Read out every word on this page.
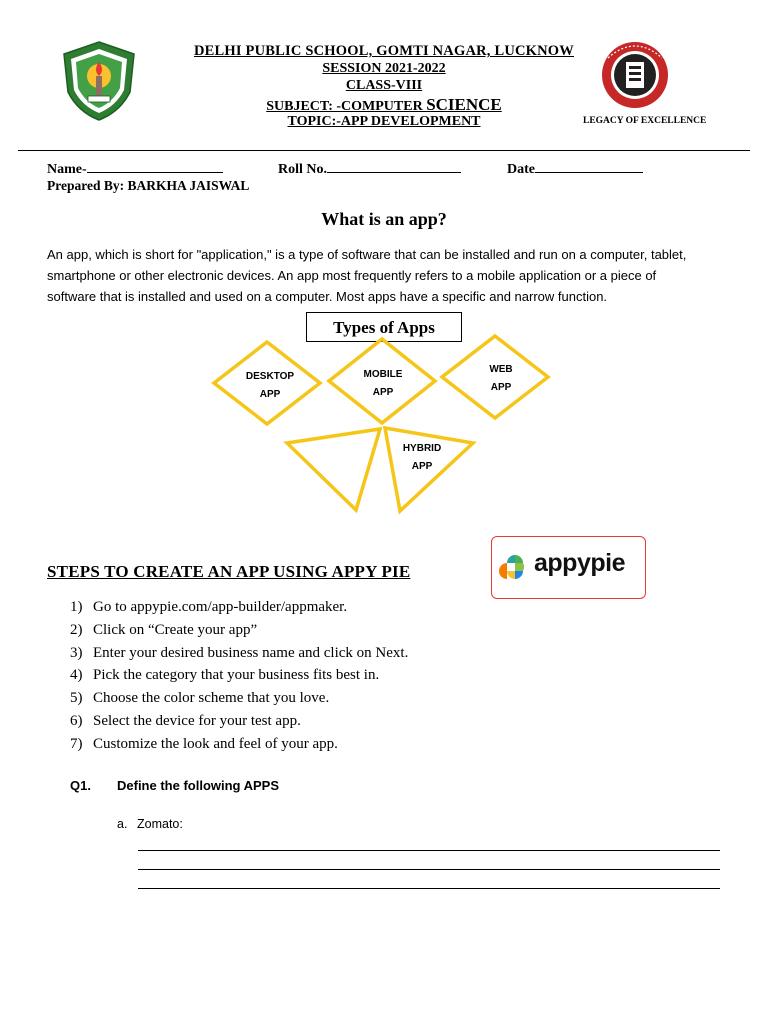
LEGACY OF EXCELLENCE
DELHI PUBLIC SCHOOL, GOMTI NAGAR, LUCKNOW
SESSION 2021-2022
CLASS-VIII
SUBJECT: -COMPUTER SCIENCE
TOPIC:-APP DEVELOPMENT
Name-	Roll No.	Date
Prepared By: BARKHA JAISWAL
What is an app?
An app, which is short for "application," is a type of software that can be installed and run on a computer, tablet, smartphone or other electronic devices. An app most frequently refers to a mobile application or a piece of software that is installed and used on a computer. Most apps have a specific and narrow function.
Types of Apps
DESKTOP
APP
MOBILE
APP
WEB
APP
HYBRID
APP
STEPS TO CREATE AN APP USING APPY PIE	appypie
1) Go to appypie.com/app-builder/appmaker.
2) Click on “Create your app”
3) Enter your desired business name and click on Next.
4) Pick the category that your business fits best in.
5) Choose the color scheme that you love.
6) Select the device for your test app.
7) Customize the look and feel of your app.
Q1. Define the following APPS
a. Zomato:
